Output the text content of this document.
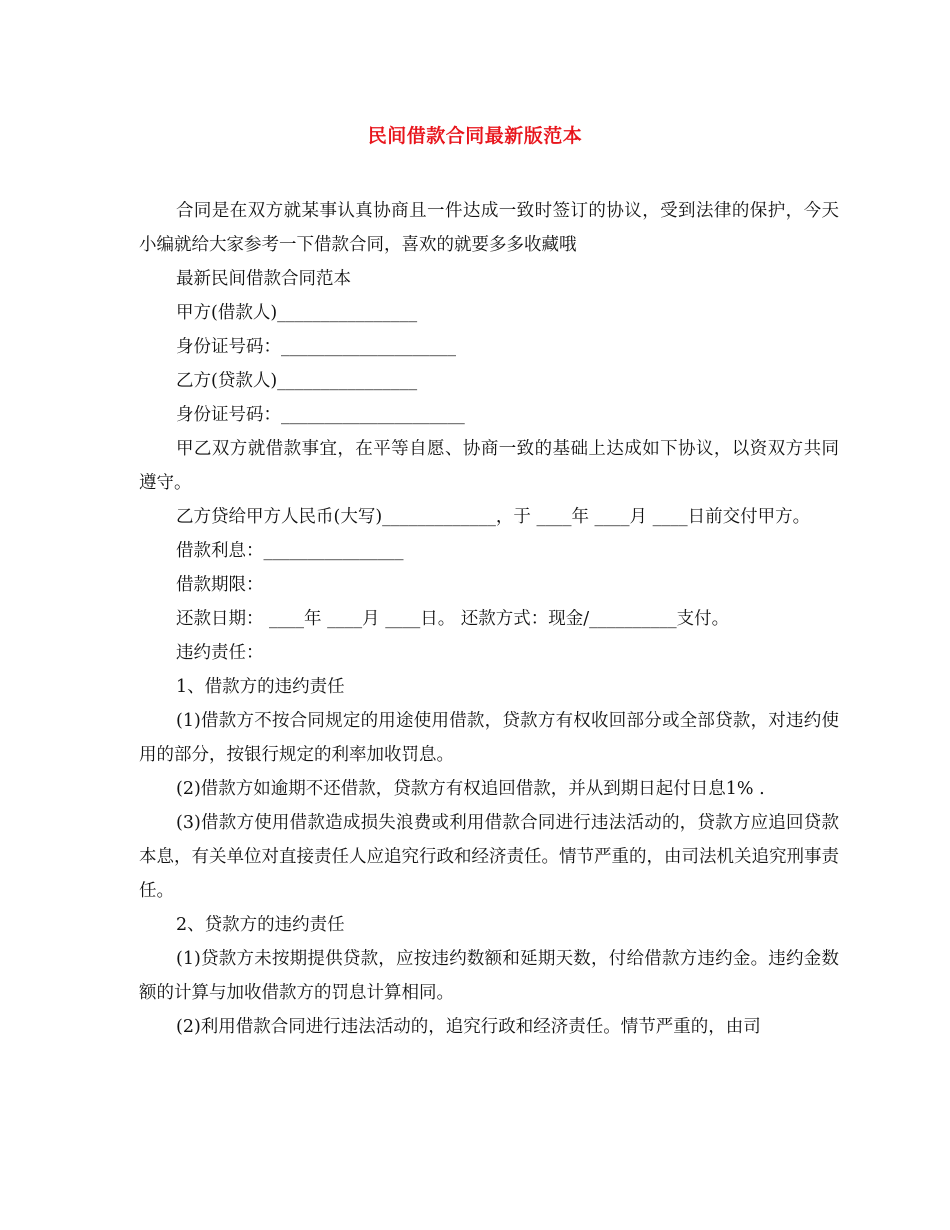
民间借款合同最新版范本

合同是在双方就某事认真协商且一件达成一致时签订的协议，受到法律的保护，今天小编就给大家参考一下借款合同，喜欢的就要多多收藏哦

最新民间借款合同范本

甲方(借款人)________________

身份证号码：____________________

乙方(贷款人)________________

身份证号码：_____________________

甲乙双方就借款事宜，在平等自愿、协商一致的基础上达成如下协议，以资双方共同遵守。

乙方贷给甲方人民币(大写)_____________，于 ____年 ____月 ____日前交付甲方。

借款利息：________________

借款期限：

还款日期： ____年 ____月 ____日。 还款方式：现金/__________支付。

违约责任：

1、借款方的违约责任

(1)借款方不按合同规定的用途使用借款，贷款方有权收回部分或全部贷款，对违约使用的部分，按银行规定的利率加收罚息。

(2)借款方如逾期不还借款，贷款方有权追回借款，并从到期日起付日息1% .

(3)借款方使用借款造成损失浪费或利用借款合同进行违法活动的，贷款方应追回贷款本息，有关单位对直接责任人应追究行政和经济责任。情节严重的，由司法机关追究刑事责任。

2、贷款方的违约责任

(1)贷款方未按期提供贷款，应按违约数额和延期天数，付给借款方违约金。违约金数额的计算与加收借款方的罚息计算相同。

(2)利用借款合同进行违法活动的，追究行政和经济责任。情节严重的，由司
